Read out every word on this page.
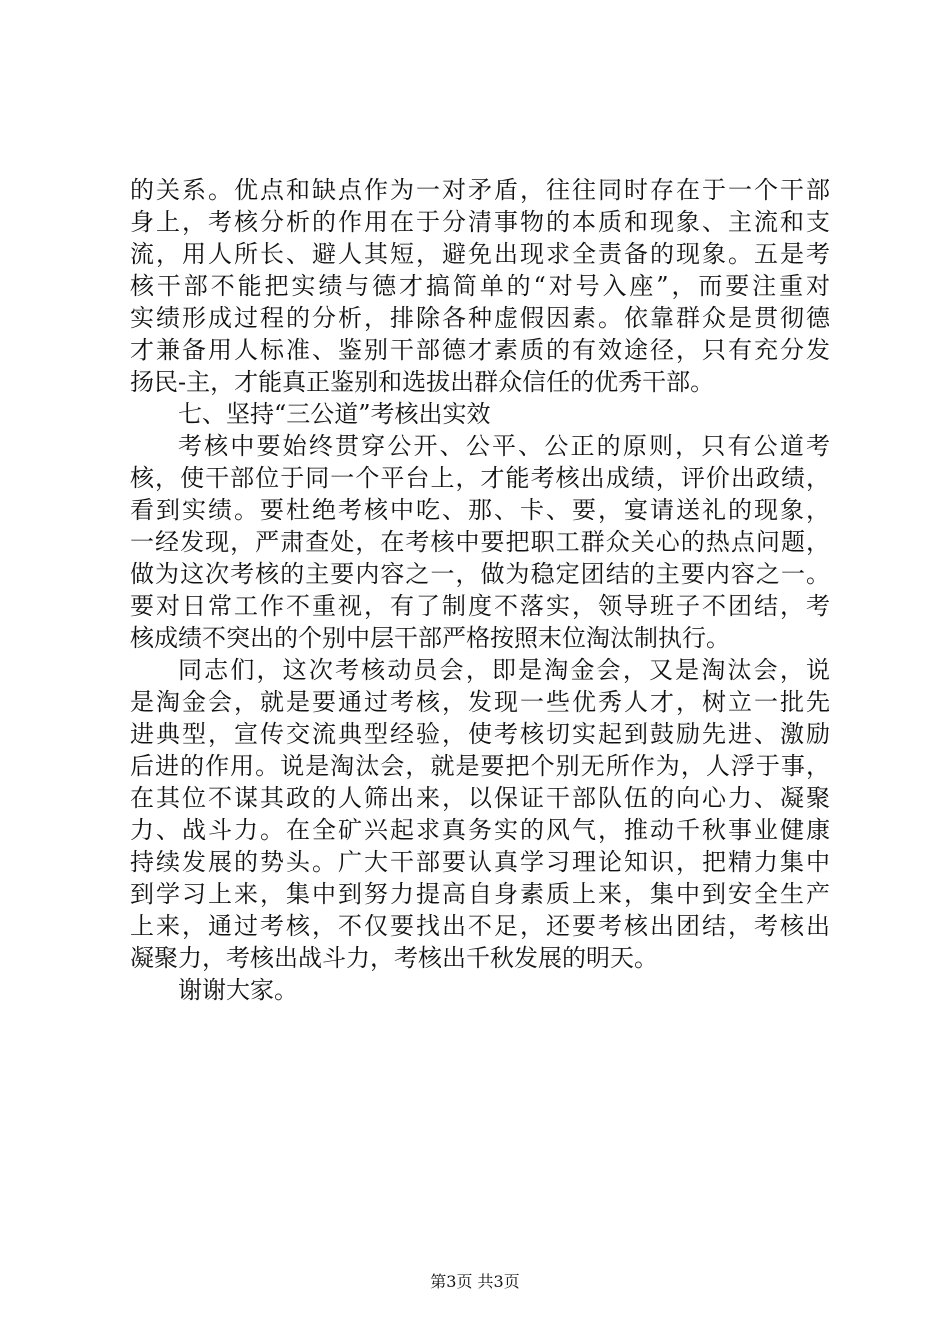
的关系。优点和缺点作为一对矛盾，往往同时存在于一个干部
身上，考核分析的作用在于分清事物的本质和现象、主流和支
流，用人所长、避人其短，避免出现求全责备的现象。五是考
核干部不能把实绩与德才搞简单的“对号入座”，而要注重对
实绩形成过程的分析，排除各种虚假因素。依靠群众是贯彻德
才兼备用人标准、鉴别干部德才素质的有效途径，只有充分发
扬民-主，才能真正鉴别和选拔出群众信任的优秀干部。
七、坚持“三公道”考核出实效
考核中要始终贯穿公开、公平、公正的原则，只有公道考
核，使干部位于同一个平台上，才能考核出成绩，评价出政绩，
看到实绩。要杜绝考核中吃、那、卡、要，宴请送礼的现象，
一经发现，严肃查处，在考核中要把职工群众关心的热点问题，
做为这次考核的主要内容之一，做为稳定团结的主要内容之一。
要对日常工作不重视，有了制度不落实，领导班子不团结，考
核成绩不突出的个别中层干部严格按照末位淘汰制执行。
同志们，这次考核动员会，即是淘金会，又是淘汰会，说
是淘金会，就是要通过考核，发现一些优秀人才，树立一批先
进典型，宣传交流典型经验，使考核切实起到鼓励先进、激励
后进的作用。说是淘汰会，就是要把个别无所作为，人浮于事，
在其位不谋其政的人筛出来，以保证干部队伍的向心力、凝聚
力、战斗力。在全矿兴起求真务实的风气，推动千秋事业健康
持续发展的势头。广大干部要认真学习理论知识，把精力集中
到学习上来，集中到努力提高自身素质上来，集中到安全生产
上来，通过考核，不仅要找出不足，还要考核出团结，考核出
凝聚力，考核出战斗力，考核出千秋发展的明天。
谢谢大家。
第3页 共3页
